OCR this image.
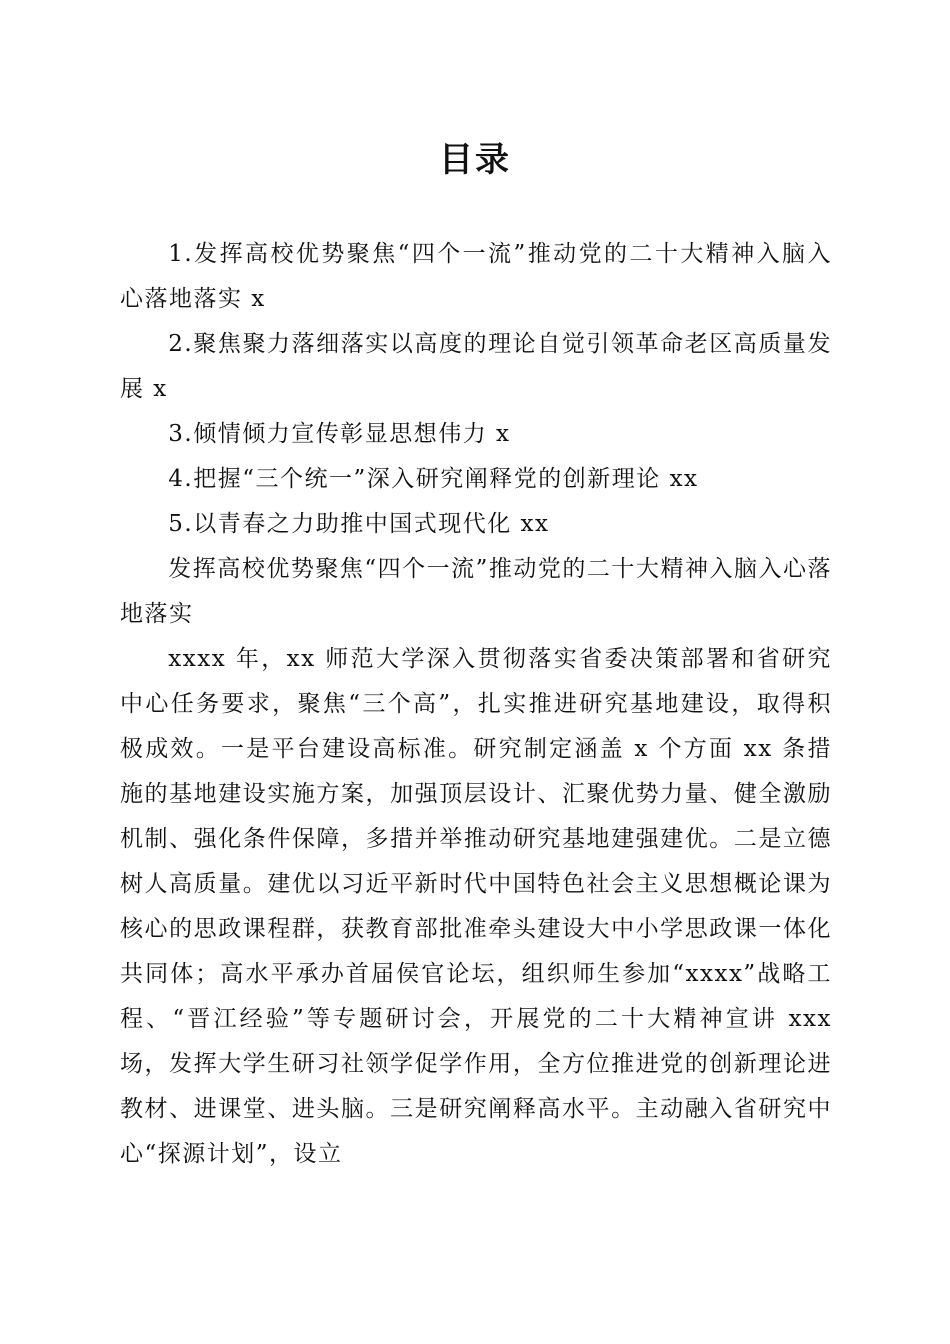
目录

1.发挥高校优势聚焦“四个一流”推动党的二十大精神入脑入心落地落实 x

2.聚焦聚力落细落实以高度的理论自觉引领革命老区高质量发展 x

3.倾情倾力宣传彰显思想伟力 x

4.把握“三个统一”深入研究阐释党的创新理论 xx

5.以青春之力助推中国式现代化 xx

发挥高校优势聚焦“四个一流”推动党的二十大精神入脑入心落地落实

xxxx 年，xx 师范大学深入贯彻落实省委决策部署和省研究中心任务要求，聚焦“三个高”，扎实推进研究基地建设，取得积极成效。一是平台建设高标准。研究制定涵盖 x 个方面 xx 条措施的基地建设实施方案，加强顶层设计、汇聚优势力量、健全激励机制、强化条件保障，多措并举推动研究基地建强建优。二是立德树人高质量。建优以习近平新时代中国特色社会主义思想概论课为核心的思政课程群，获教育部批准牵头建设大中小学思政课一体化共同体；高水平承办首届侯官论坛，组织师生参加“xxxx”战略工程、“晋江经验”等专题研讨会，开展党的二十大精神宣讲 xxx 场，发挥大学生研习社领学促学作用，全方位推进党的创新理论进教材、进课堂、进头脑。三是研究阐释高水平。主动融入省研究中心“探源计划”，设立
